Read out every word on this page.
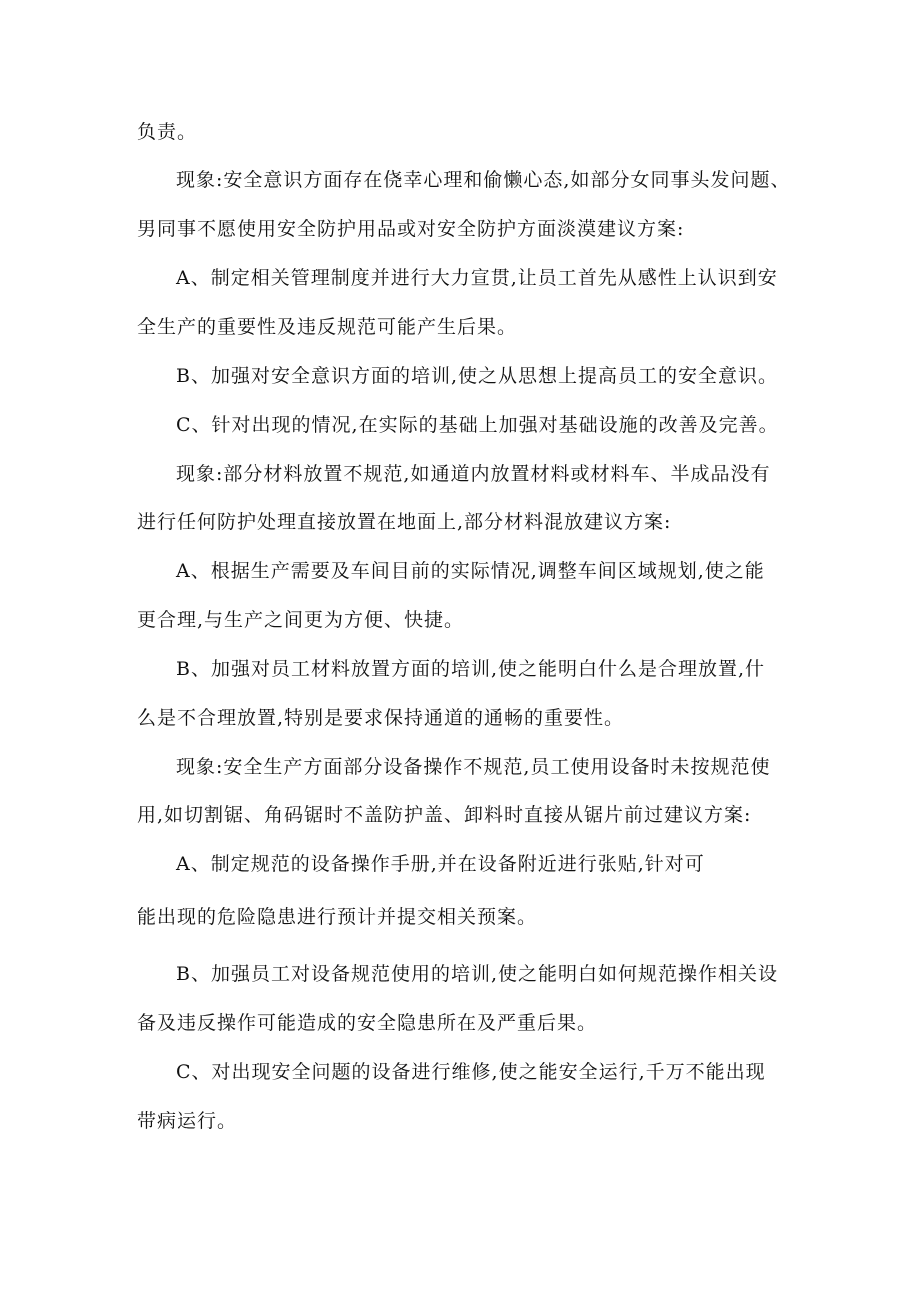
负责。
现象:安全意识方面存在侥幸心理和偷懒心态,如部分女同事头发问题、
男同事不愿使用安全防护用品或对安全防护方面淡漠建议方案:
A、制定相关管理制度并进行大力宣贯,让员工首先从感性上认识到安
全生产的重要性及违反规范可能产生后果。
B、加强对安全意识方面的培训,使之从思想上提高员工的安全意识。
C、针对出现的情况,在实际的基础上加强对基础设施的改善及完善。
现象:部分材料放置不规范,如通道内放置材料或材料车、半成品没有
进行任何防护处理直接放置在地面上,部分材料混放建议方案:
A、根据生产需要及车间目前的实际情况,调整车间区域规划,使之能
更合理,与生产之间更为方便、快捷。
B、加强对员工材料放置方面的培训,使之能明白什么是合理放置,什
么是不合理放置,特别是要求保持通道的通畅的重要性。
现象:安全生产方面部分设备操作不规范,员工使用设备时未按规范使
用,如切割锯、角码锯时不盖防护盖、卸料时直接从锯片前过建议方案:
A、制定规范的设备操作手册,并在设备附近进行张贴,针对可
能出现的危险隐患进行预计并提交相关预案。
B、加强员工对设备规范使用的培训,使之能明白如何规范操作相关设
备及违反操作可能造成的安全隐患所在及严重后果。
C、对出现安全问题的设备进行维修,使之能安全运行,千万不能出现
带病运行。
